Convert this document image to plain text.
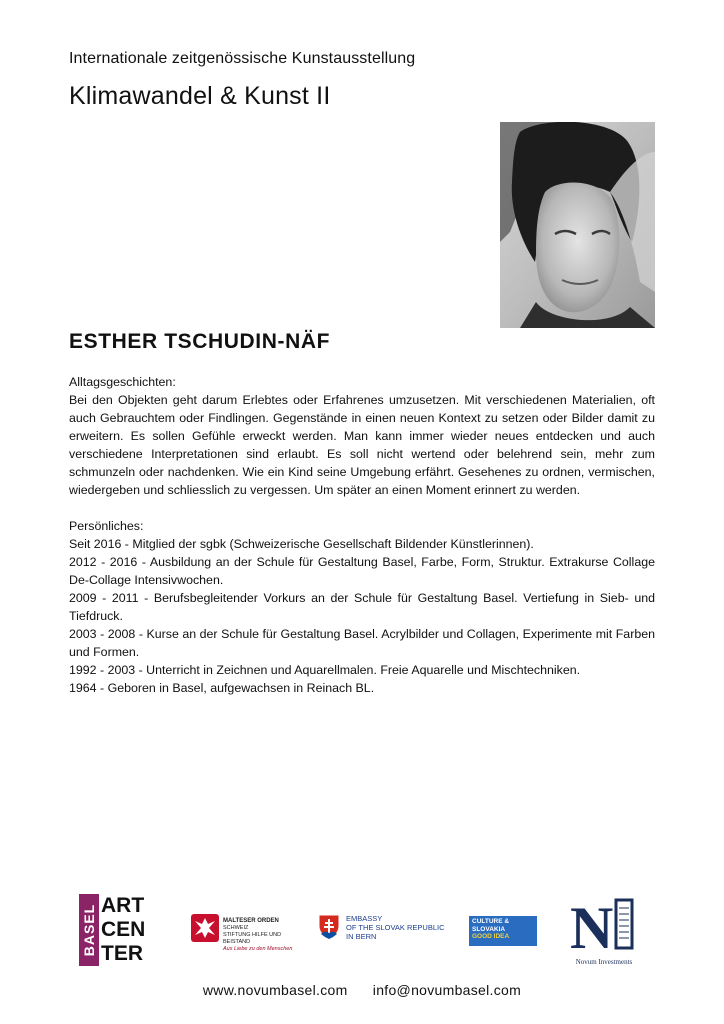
Internationale zeitgenössische Kunstausstellung
Klimawandel & Kunst II
ESTHER TSCHUDIN-NÄF

Alltagsgeschichten:

Bei den Objekten geht darum Erlebtes oder Erfahrenes umzusetzen. Mit verschiedenen Materialien, oft auch Gebrauchtem oder Findlingen. Gegenstände in einen neuen Kontext zu setzen oder Bilder damit zu erweitern. Es sollen Gefühle erweckt werden. Man kann immer wieder neues entdecken und auch verschiedene Interpretationen sind erlaubt. Es soll nicht wertend oder belehrend sein, mehr zum schmunzeln oder nachdenken. Wie ein Kind seine Umgebung erfährt. Gesehenes zu ordnen, vermischen, wiedergeben und schliesslich zu vergessen. Um später an einen Moment erinnert zu werden.

Persönliches:

Seit 2016 - Mitglied der sgbk (Schweizerische Gesellschaft Bildender Künstlerinnen).

2012 - 2016 - Ausbildung an der Schule für Gestaltung Basel, Farbe, Form, Struktur. Extrakurse Collage De-Collage Intensivwochen.

2009 - 2011 - Berufsbegleitender Vorkurs an der Schule für Gestaltung Basel. Vertiefung in Sieb- und Tiefdruck.

2003 - 2008 - Kurse an der Schule für Gestaltung Basel. Acrylbilder und Collagen, Experimente mit Farben und Formen.

1992 - 2003 - Unterricht in Zeichnen und Aquarellmalen. Freie Aquarelle und Mischtechniken.

1964 - Geboren in Basel, aufgewachsen in Reinach BL.

BASEL ART
CEN
TER
MALTESER ORDEN
SCHWEIZ
STIFTUNG HILFE UND BEISTAND
Aus Liebe zu den Menschen
EMBASSY
OF THE SLOVAK REPUBLIC
IN BERN
CULTURE &
SLOVAKIA
GOOD IDEA	N
Novum Investments
www.novumbasel.com info@novumbasel.com
